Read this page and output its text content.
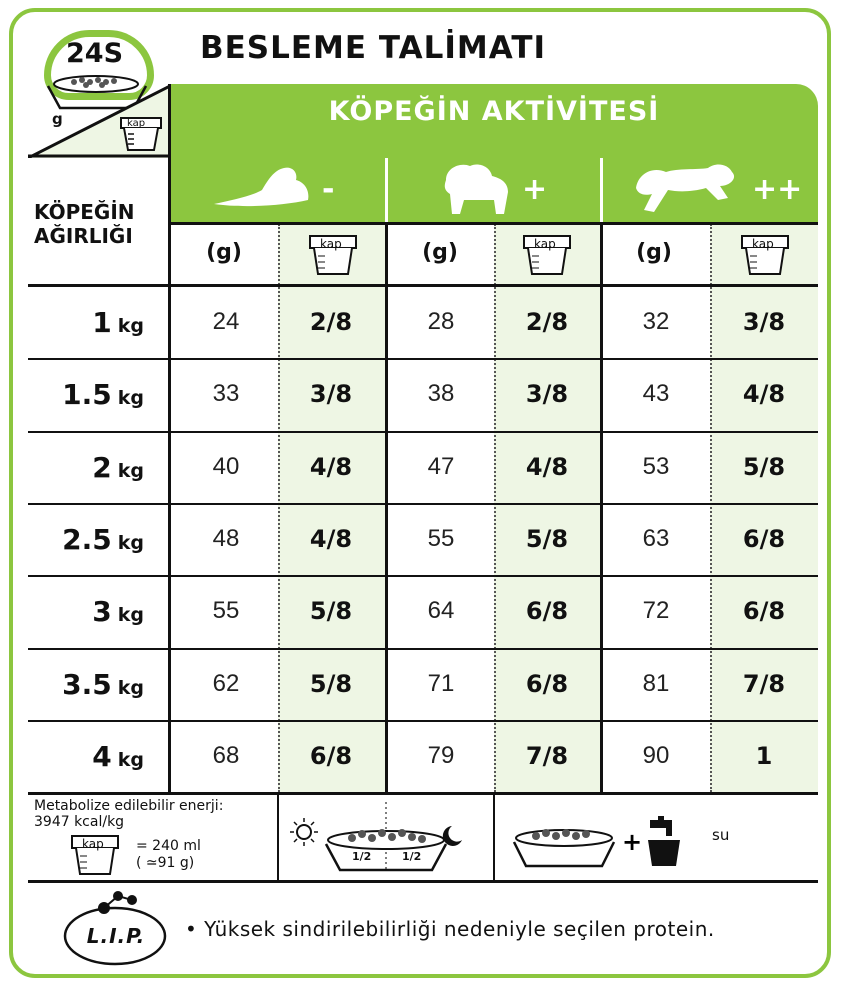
24S
g	kap
BESLEME TALİMATI
KÖPEĞİN AKTİVİTESİ
-	+	++
KÖPEĞİN
AĞIRLIĞI
(g)	(g)	(g)
kap	kap	kap
1 kg	24	2/8	28	2/8	32	3/8
1.5 kg	33	3/8	38	3/8	43	4/8
2 kg	40	4/8	47	4/8	53	5/8
2.5 kg	48	4/8	55	5/8	63	6/8
3 kg	55	5/8	64	6/8	72	6/8
3.5 kg	62	5/8	71	6/8	81	7/8
4 kg	68	6/8	79	7/8	90	1
Metabolize edilebilir enerji:
3947 kcal/kg
kap = 240 ml
( ≃91 g)	1/2	1/2
+	su
L.I.P.	• Yüksek sindirilebilirliği nedeniyle seçilen protein.
